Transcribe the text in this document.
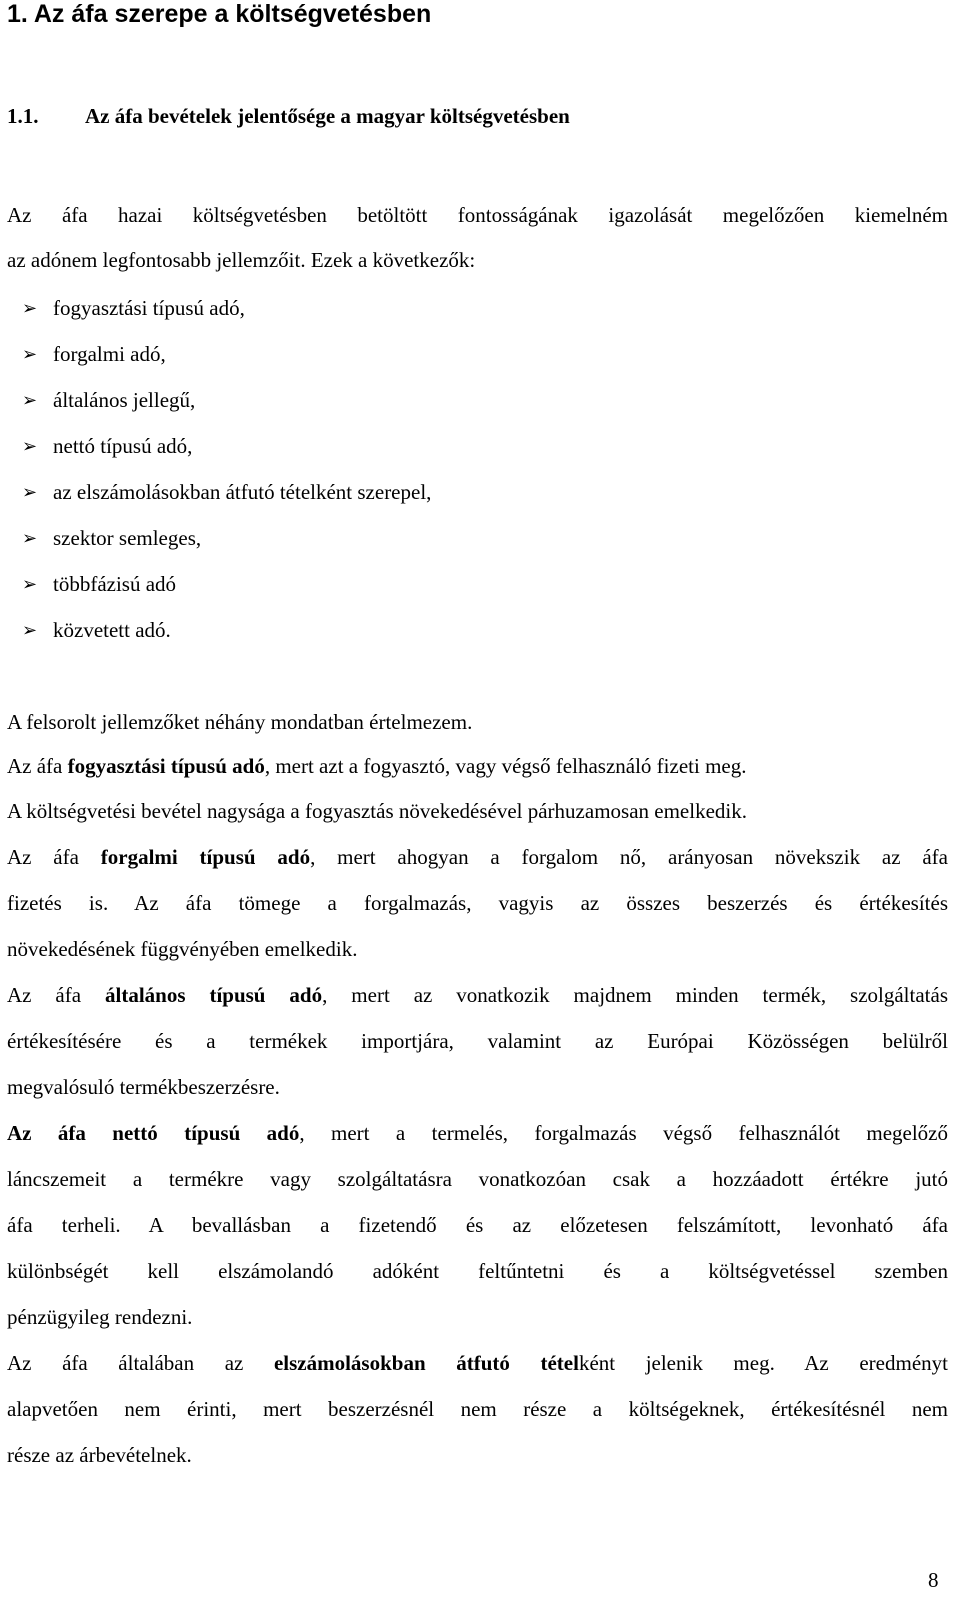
1. Az áfa szerepe a költségvetésben
1.1. Az áfa bevételek jelentősége a magyar költségvetésben
Az áfa hazai költségvetésben betöltött fontosságának igazolását megelőzően kiemelném
az adónem legfontosabb jellemzőit. Ezek a következők:
➢ fogyasztási típusú adó,
➢ forgalmi adó,
➢ általános jellegű,
➢ nettó típusú adó,
➢ az elszámolásokban átfutó tételként szerepel,
➢ szektor semleges,
➢ többfázisú adó
➢ közvetett adó.
A felsorolt jellemzőket néhány mondatban értelmezem.
Az áfa fogyasztási típusú adó, mert azt a fogyasztó, vagy végső felhasználó fizeti meg.
A költségvetési bevétel nagysága a fogyasztás növekedésével párhuzamosan emelkedik.
Az áfa forgalmi típusú adó, mert ahogyan a forgalom nő, arányosan növekszik az áfa
fizetés is. Az áfa tömege a forgalmazás, vagyis az összes beszerzés és értékesítés
növekedésének függvényében emelkedik.
Az áfa általános típusú adó, mert az vonatkozik majdnem minden termék, szolgáltatás
értékesítésére és a termékek importjára, valamint az Európai Közösségen belülről
megvalósuló termékbeszerzésre.
Az áfa nettó típusú adó, mert a termelés, forgalmazás végső felhasználót megelőző
láncszemeit a termékre vagy szolgáltatásra vonatkozóan csak a hozzáadott értékre jutó
áfa terheli. A bevallásban a fizetendő és az előzetesen felszámított, levonható áfa
különbségét kell elszámolandó adóként feltűntetni és a költségvetéssel szemben
pénzügyileg rendezni.
Az áfa általában az elszámolásokban átfutó tételként jelenik meg. Az eredményt
alapvetően nem érinti, mert beszerzésnél nem része a költségeknek, értékesítésnél nem
része az árbevételnek.
8
